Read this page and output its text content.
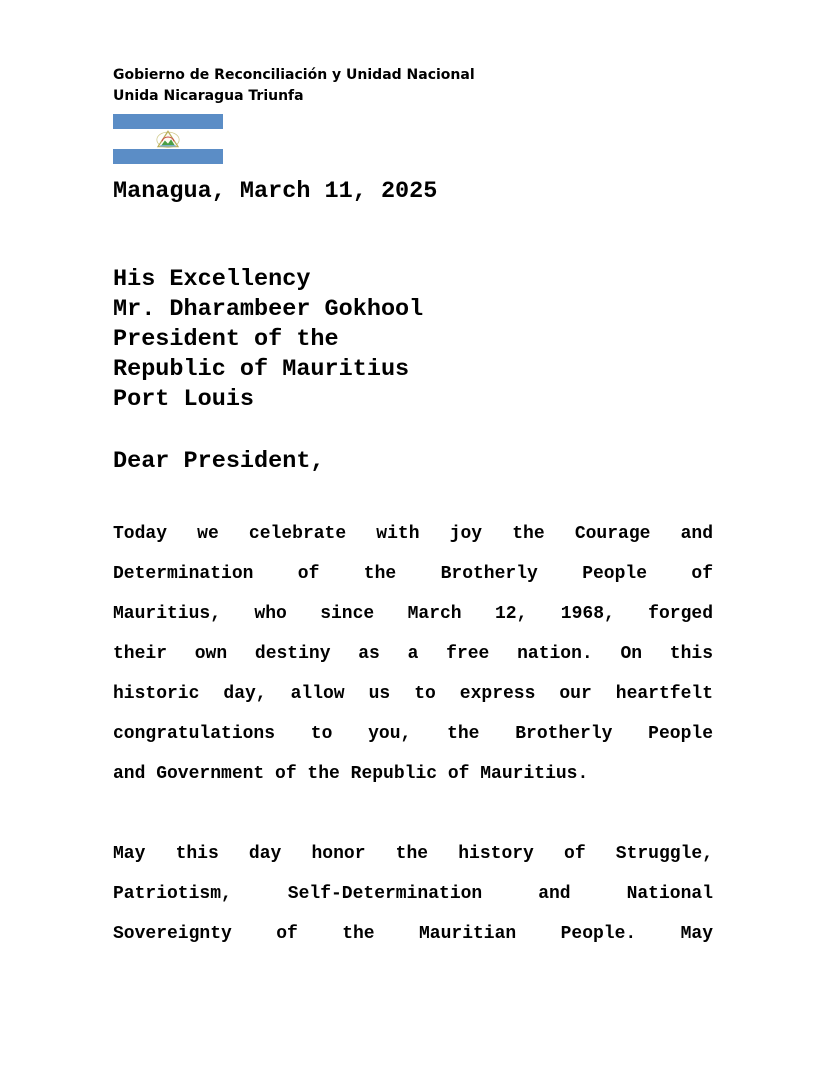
Gobierno de Reconciliación y Unidad Nacional
Unida Nicaragua Triunfa
Managua, March 11, 2025
His Excellency
Mr. Dharambeer Gokhool
President of the
Republic of Mauritius
Port Louis
Dear President,
Today we celebrate with joy the Courage and
Determination of the Brotherly People of
Mauritius, who since March 12, 1968, forged
their own destiny as a free nation. On this
historic day, allow us to express our heartfelt
congratulations to you, the Brotherly People
and Government of the Republic of Mauritius.
May this day honor the history of Struggle,
Patriotism, Self-Determination and National
Sovereignty of the Mauritian People. May
